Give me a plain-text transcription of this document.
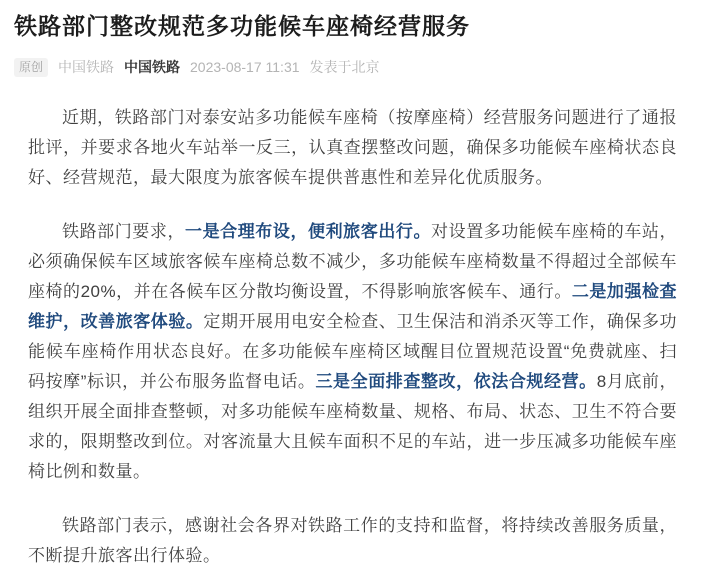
铁路部门整改规范多功能候车座椅经营服务
原创	中国铁路 中国铁路 2023-08-17 11:31 发表于北京

近期，铁路部门对泰安站多功能候车座椅（按摩座椅）经营服务问题进行了通报批评，并要求各地火车站举一反三，认真查摆整改问题，确保多功能候车座椅状态良好、经营规范，最大限度为旅客候车提供普惠性和差异化优质服务。

铁路部门要求，一是合理布设，便利旅客出行。对设置多功能候车座椅的车站，必须确保候车区域旅客候车座椅总数不减少，多功能候车座椅数量不得超过全部候车座椅的20%，并在各候车区分散均衡设置，不得影响旅客候车、通行。二是加强检查维护，改善旅客体验。定期开展用电安全检查、卫生保洁和消杀灭等工作，确保多功能候车座椅作用状态良好。在多功能候车座椅区域醒目位置规范设置“免费就座、扫码按摩”标识，并公布服务监督电话。三是全面排查整改，依法合规经营。8月底前，组织开展全面排查整顿，对多功能候车座椅数量、规格、布局、状态、卫生不符合要求的，限期整改到位。对客流量大且候车面积不足的车站，进一步压减多功能候车座椅比例和数量。

铁路部门表示，感谢社会各界对铁路工作的支持和监督，将持续改善服务质量，不断提升旅客出行体验。
